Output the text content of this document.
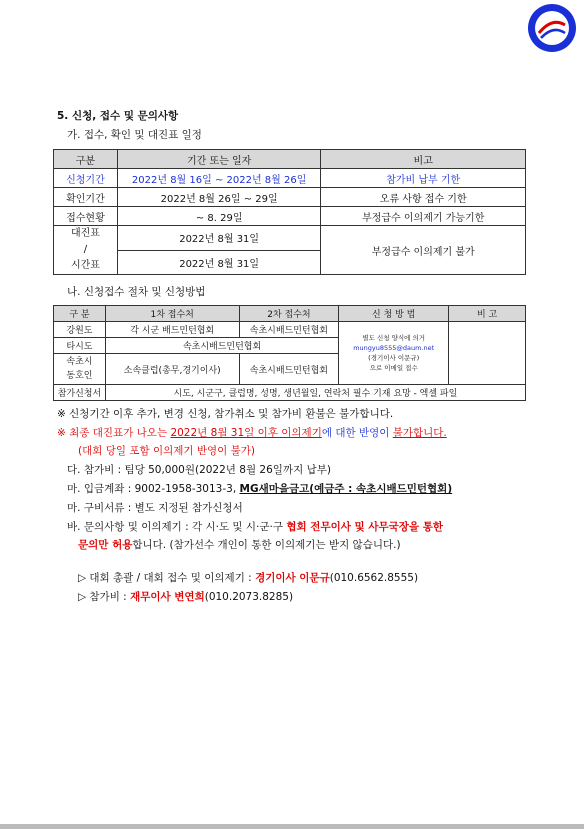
5. 신청, 접수 및 문의사항
가. 접수, 확인 및 대진표 일정
구분	기간 또는 일자	비고
신청기간	2022년 8월 16일 ~ 2022년 8월 26일	참가비 납부 기한
확인기간	2022년 8월 26일 ~ 29일	오류 사항 접수 기한
접수현황	~ 8. 29일	부정급수 이의제기 가능기한

대진표
/
시간표	2022년 8월 31일	부정급수 이의제기 불가
	2022년 8월 31일	
나. 신청접수 절차 및 신청방법
구 분	1차 접수처	2차 접수처	신 청 방 법	비 고
강원도	각 시군 배드민턴협회	속초시배드민턴협회	별도 신청 양식에 의거
mungyu8555@daum.net
(경기이사 이문규)
으로 이메일 접수	

타시도	속초시배드민턴협회			

속초시
동호인	소속클럽(총무,경기이사)	속초시배드민턴협회		
참가신청서	시도, 시군구, 클럽명, 성명, 생년월일, 연락처 필수 기재 요망 - 엑셀 파일			
※ 신청기간 이후 추가, 변경 신청, 참가취소 및 참가비 환불은 불가합니다.
※ 최종 대진표가 나오는 2022년 8월 31일 이후 이의제기에 대한 반영이 불가합니다.
(대회 당일 포함 이의제기 반영이 불가)
다. 참가비 : 팀당 50,000원(2022년 8월 26일까지 납부)
마. 입금계좌 : 9002-1958-3013-3, MG새마을금고(예금주 : 속초시배드민턴협회)
마. 구비서류 : 별도 지정된 참가신청서
바. 문의사항 및 이의제기 : 각 시·도 및 시·군·구 협회 전무이사 및 사무국장을 통한
문의만 허용합니다. (참가선수 개인이 통한 이의제기는 받지 않습니다.)
▷ 대회 총괄 / 대회 접수 및 이의제기 : 경기이사 이문규(010.6562.8555)
▷ 참가비 : 재무이사 변연희(010.2073.8285)
